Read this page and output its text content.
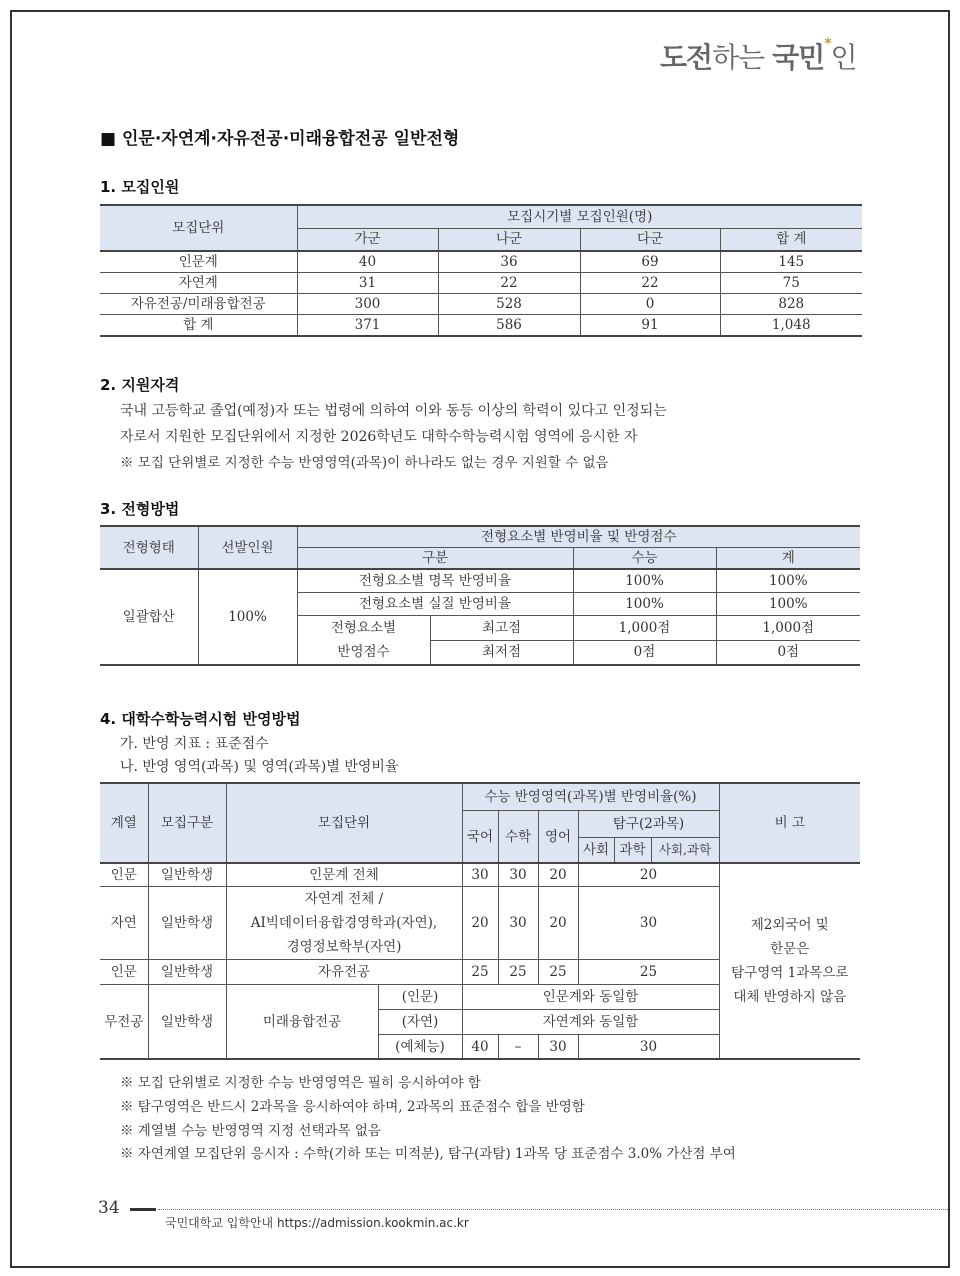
도전하는 국민*인
■ 인문·자연계·자유전공·미래융합전공 일반전형
1. 모집인원
모집단위	모집시기별 모집인원(명)			
	가군	나군	다군	합 계
인문계	40	36	69	145
자연계	31	22	22	75
자유전공/미래융합전공	300	528	0	828
합 계	371	586	91	1,048
2. 지원자격
국내 고등학교 졸업(예정)자 또는 법령에 의하여 이와 동등 이상의 학력이 있다고 인정되는
자로서 지원한 모집단위에서 지정한 2026학년도 대학수학능력시험 영역에 응시한 자
※ 모집 단위별로 지정한 수능 반영영역(과목)이 하나라도 없는 경우 지원할 수 없음
3. 전형방법
전형형태	선발인원	전형요소별 반영비율 및 반영점수			
		구분		수능	계
일괄합산	100%	전형요소별 명목 반영비율		100%	100%
		전형요소별 실질 반영비율		100%	100%
		전형요소별	최고점	1,000점	1,000점
		반영점수	최저점	0점	0점
4. 대학수학능력시험 반영방법
가. 반영 지표 : 표준점수
나. 반영 영역(과목) 및 영역(과목)별 반영비율
계열	모집구분	모집단위		수능 반영영역(과목)별 반영비율(%)						비 고
				국어	수학	영어	탐구(2과목)			
							사회	과학	사회,과학	
인문	일반학생	인문계 전체		30	30	20	20			제2외국어 및
한문은
탐구영역 1과목으로
대체 반영하지 않음

자연	일반학생	자연계 전체 /
AI빅데이터융합경영학과(자연),
경영정보학부(자연)		20	30	20	30			
인문	일반학생	자유전공		25	25	25	25			
무전공	일반학생	미래융합전공	(인문)	인문계와 동일함						
			(자연)	자연계와 동일함						
			(예체능)	40	–	30	30			
※ 모집 단위별로 지정한 수능 반영영역은 필히 응시하여야 함
※ 탐구영역은 반드시 2과목을 응시하여야 하며, 2과목의 표준점수 합을 반영함
※ 계열별 수능 반영영역 지정 선택과목 없음
※ 자연계열 모집단위 응시자 : 수학(기하 또는 미적분), 탐구(과탐) 1과목 당 표준점수 3.0% 가산점 부여
34
국민대학교 입학안내 https://admission.kookmin.ac.kr
